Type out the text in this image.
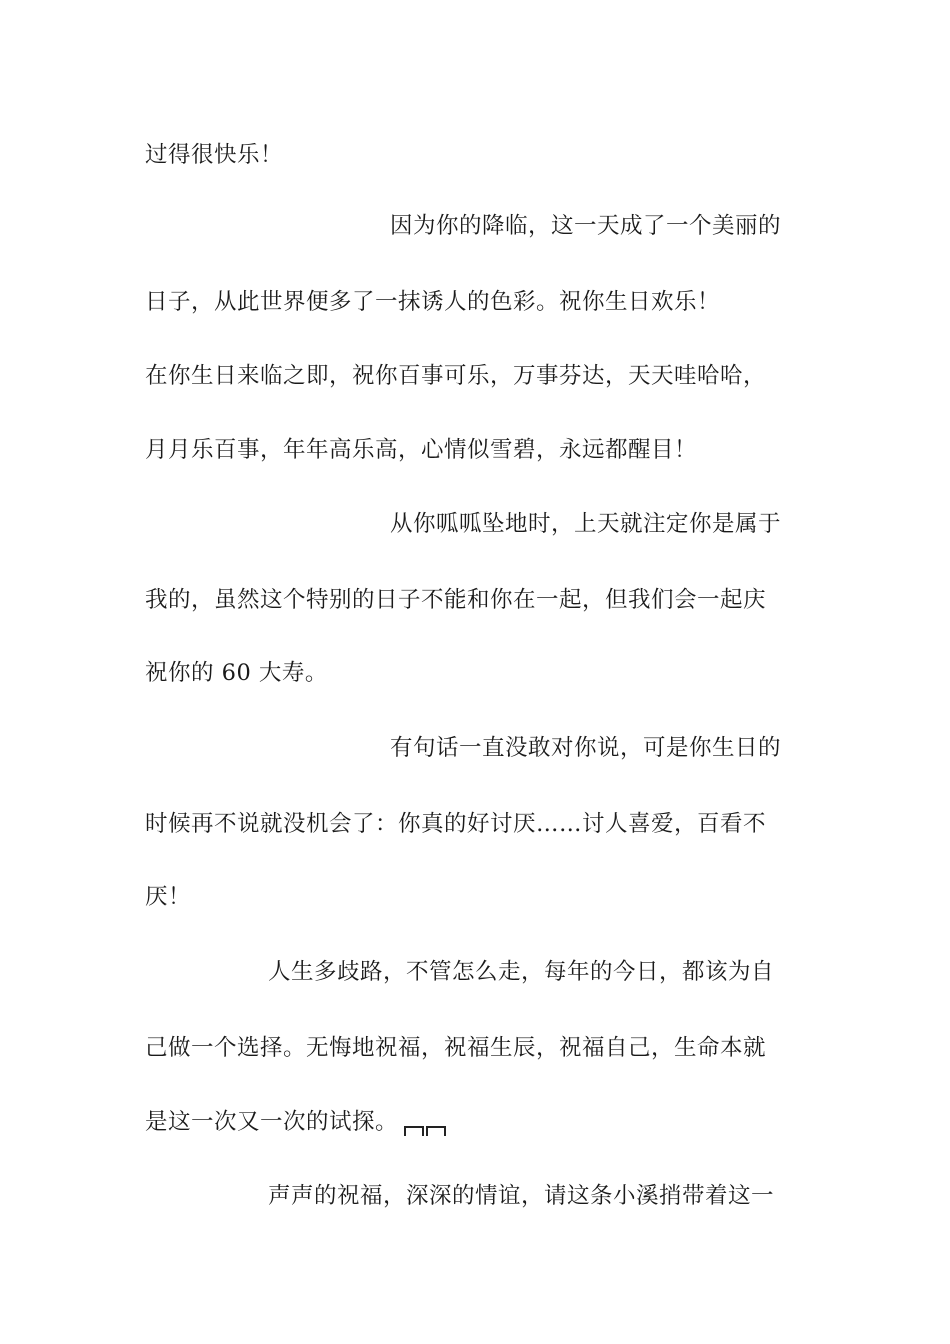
过得很快乐！
因为你的降临，这一天成了一个美丽的
日子，从此世界便多了一抹诱人的色彩。祝你生日欢乐！
在你生日来临之即，祝你百事可乐，万事芬达，天天哇哈哈，
月月乐百事，年年高乐高，心情似雪碧，永远都醒目！
从你呱呱坠地时，上天就注定你是属于
我的，虽然这个特别的日子不能和你在一起，但我们会一起庆
祝你的 60 大寿。
有句话一直没敢对你说，可是你生日的
时候再不说就没机会了：你真的好讨厌……讨人喜爱，百看不
厌！
人生多歧路，不管怎么走，每年的今日，都该为自
己做一个选择。无悔地祝福，祝福生辰，祝福自己，生命本就
是这一次又一次的试探。
声声的祝福，深深的情谊，请这条小溪捎带着这一
